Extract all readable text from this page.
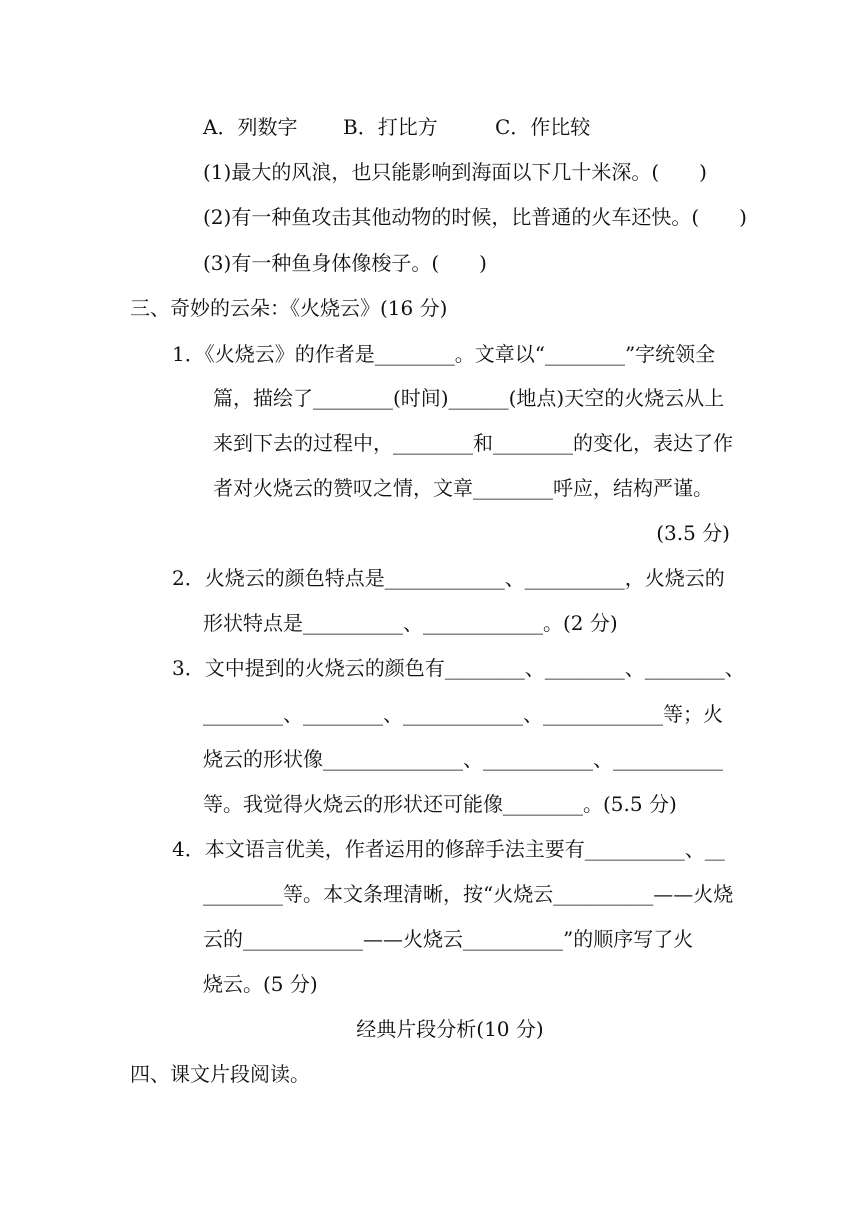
A．列数字 B．打比方	C．作比较
(1)最大的风浪，也只能影响到海面以下几十米深。(　　)
(2)有一种鱼攻击其他动物的时候，比普通的火车还快。(　　)
(3)有一种鱼身体像梭子。(　　)
三、奇妙的云朵：《火烧云》(16 分)
1．《火烧云》的作者是________。文章以“________”字统领全
篇，描绘了________(时间)______(地点)天空的火烧云从上
来到下去的过程中，________和________的变化，表达了作
者对火烧云的赞叹之情，文章________呼应，结构严谨。
(3.5 分)
2．火烧云的颜色特点是____________、__________，火烧云的
形状特点是__________、____________。(2 分)
3．文中提到的火烧云的颜色有________、________、________、
________、________、____________、____________等；火
烧云的形状像______________、___________、___________
等。我觉得火烧云的形状还可能像________。(5.5 分)
4．本文语言优美，作者运用的修辞手法主要有__________、__
________等。本文条理清晰，按“火烧云__________——火烧
云的____________——火烧云__________”的顺序写了火
烧云。(5 分)
经典片段分析(10 分)
四、课文片段阅读。
